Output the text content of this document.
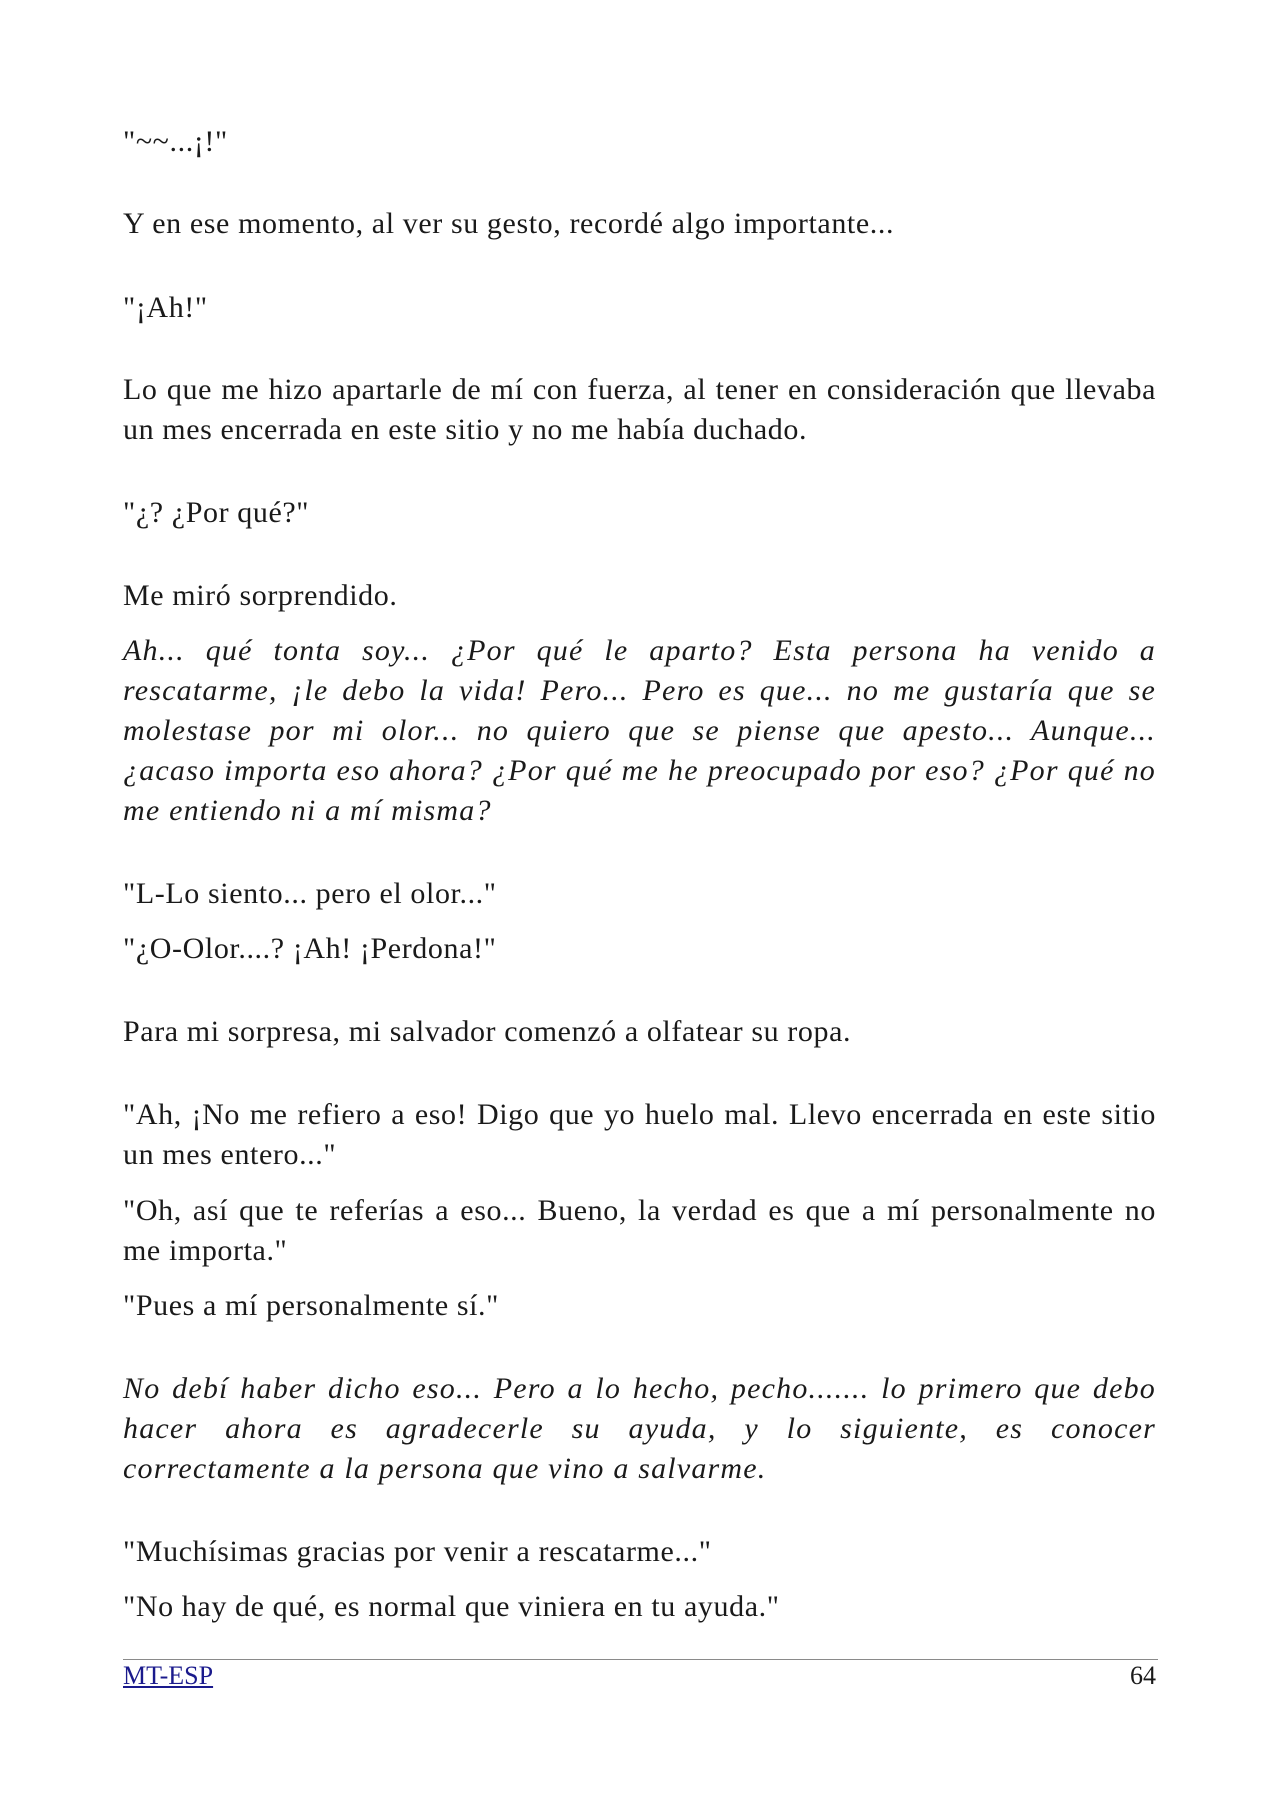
"~~...¡!"

Y en ese momento, al ver su gesto, recordé algo importante...

"¡Ah!"

Lo que me hizo apartarle de mí con fuerza, al tener en consideración que llevaba un mes encerrada en este sitio y no me había duchado.

"¿? ¿Por qué?"

Me miró sorprendido.

Ah... qué tonta soy... ¿Por qué le aparto? Esta persona ha venido a rescatarme, ¡le debo la vida! Pero... Pero es que... no me gustaría que se molestase por mi olor... no quiero que se piense que apesto... Aunque... ¿acaso importa eso ahora? ¿Por qué me he preocupado por eso? ¿Por qué no me entiendo ni a mí misma?

"L-Lo siento... pero el olor..."

"¿O-Olor....? ¡Ah! ¡Perdona!"

Para mi sorpresa, mi salvador comenzó a olfatear su ropa.

"Ah, ¡No me refiero a eso! Digo que yo huelo mal. Llevo encerrada en este sitio un mes entero..."

"Oh, así que te referías a eso... Bueno, la verdad es que a mí personalmente no me importa."

"Pues a mí personalmente sí."

No debí haber dicho eso... Pero a lo hecho, pecho....... lo primero que debo hacer ahora es agradecerle su ayuda, y lo siguiente, es conocer correctamente a la persona que vino a salvarme.

"Muchísimas gracias por venir a rescatarme..."

"No hay de qué, es normal que viniera en tu ayuda."

MT-ESP	64
